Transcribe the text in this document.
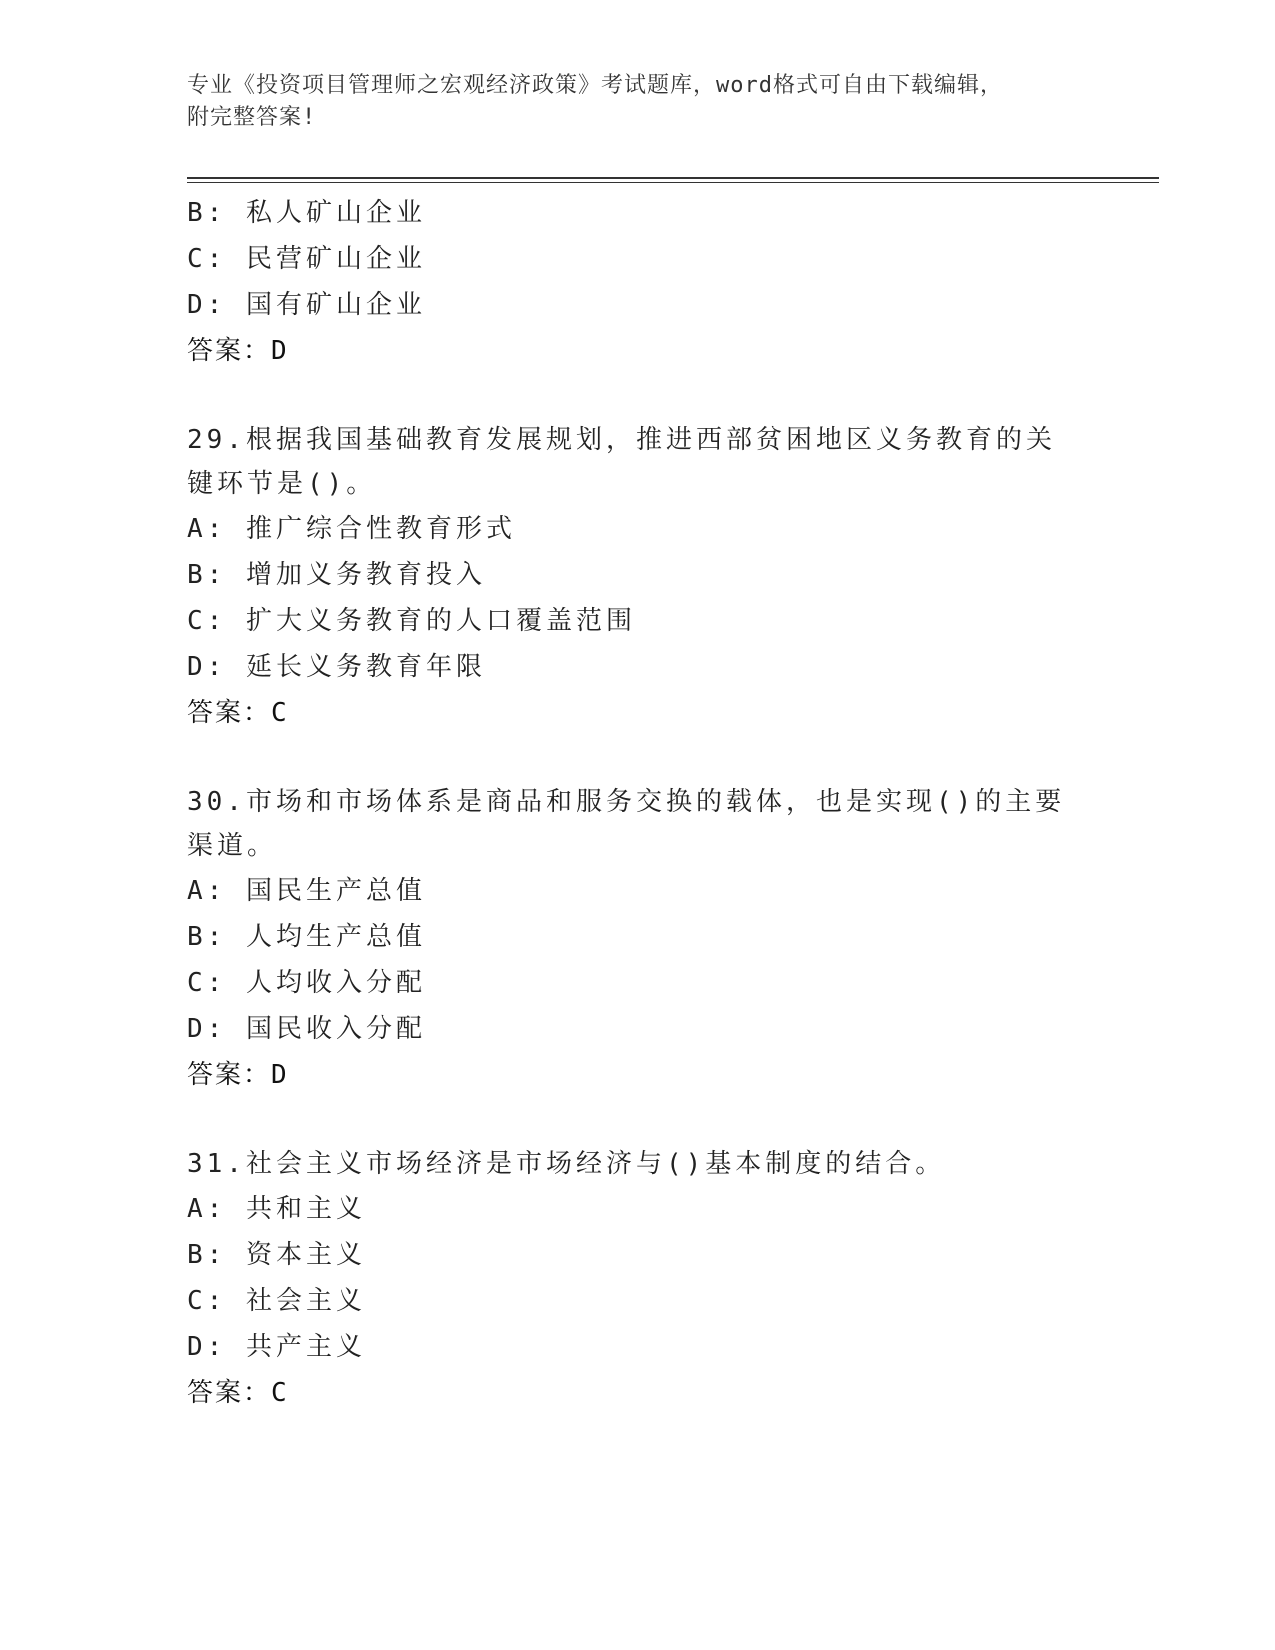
专业《投资项目管理师之宏观经济政策》考试题库，word格式可自由下载编辑，
附完整答案!
B: 私人矿山企业
C: 民营矿山企业
D: 国有矿山企业
答案：D
29.根据我国基础教育发展规划，推进西部贫困地区义务教育的关键环节是()。
A: 推广综合性教育形式
B: 增加义务教育投入
C: 扩大义务教育的人口覆盖范围
D: 延长义务教育年限
答案：C
30.市场和市场体系是商品和服务交换的载体，也是实现()的主要渠道。
A: 国民生产总值
B: 人均生产总值
C: 人均收入分配
D: 国民收入分配
答案：D
31.社会主义市场经济是市场经济与()基本制度的结合。
A: 共和主义
B: 资本主义
C: 社会主义
D: 共产主义
答案：C
